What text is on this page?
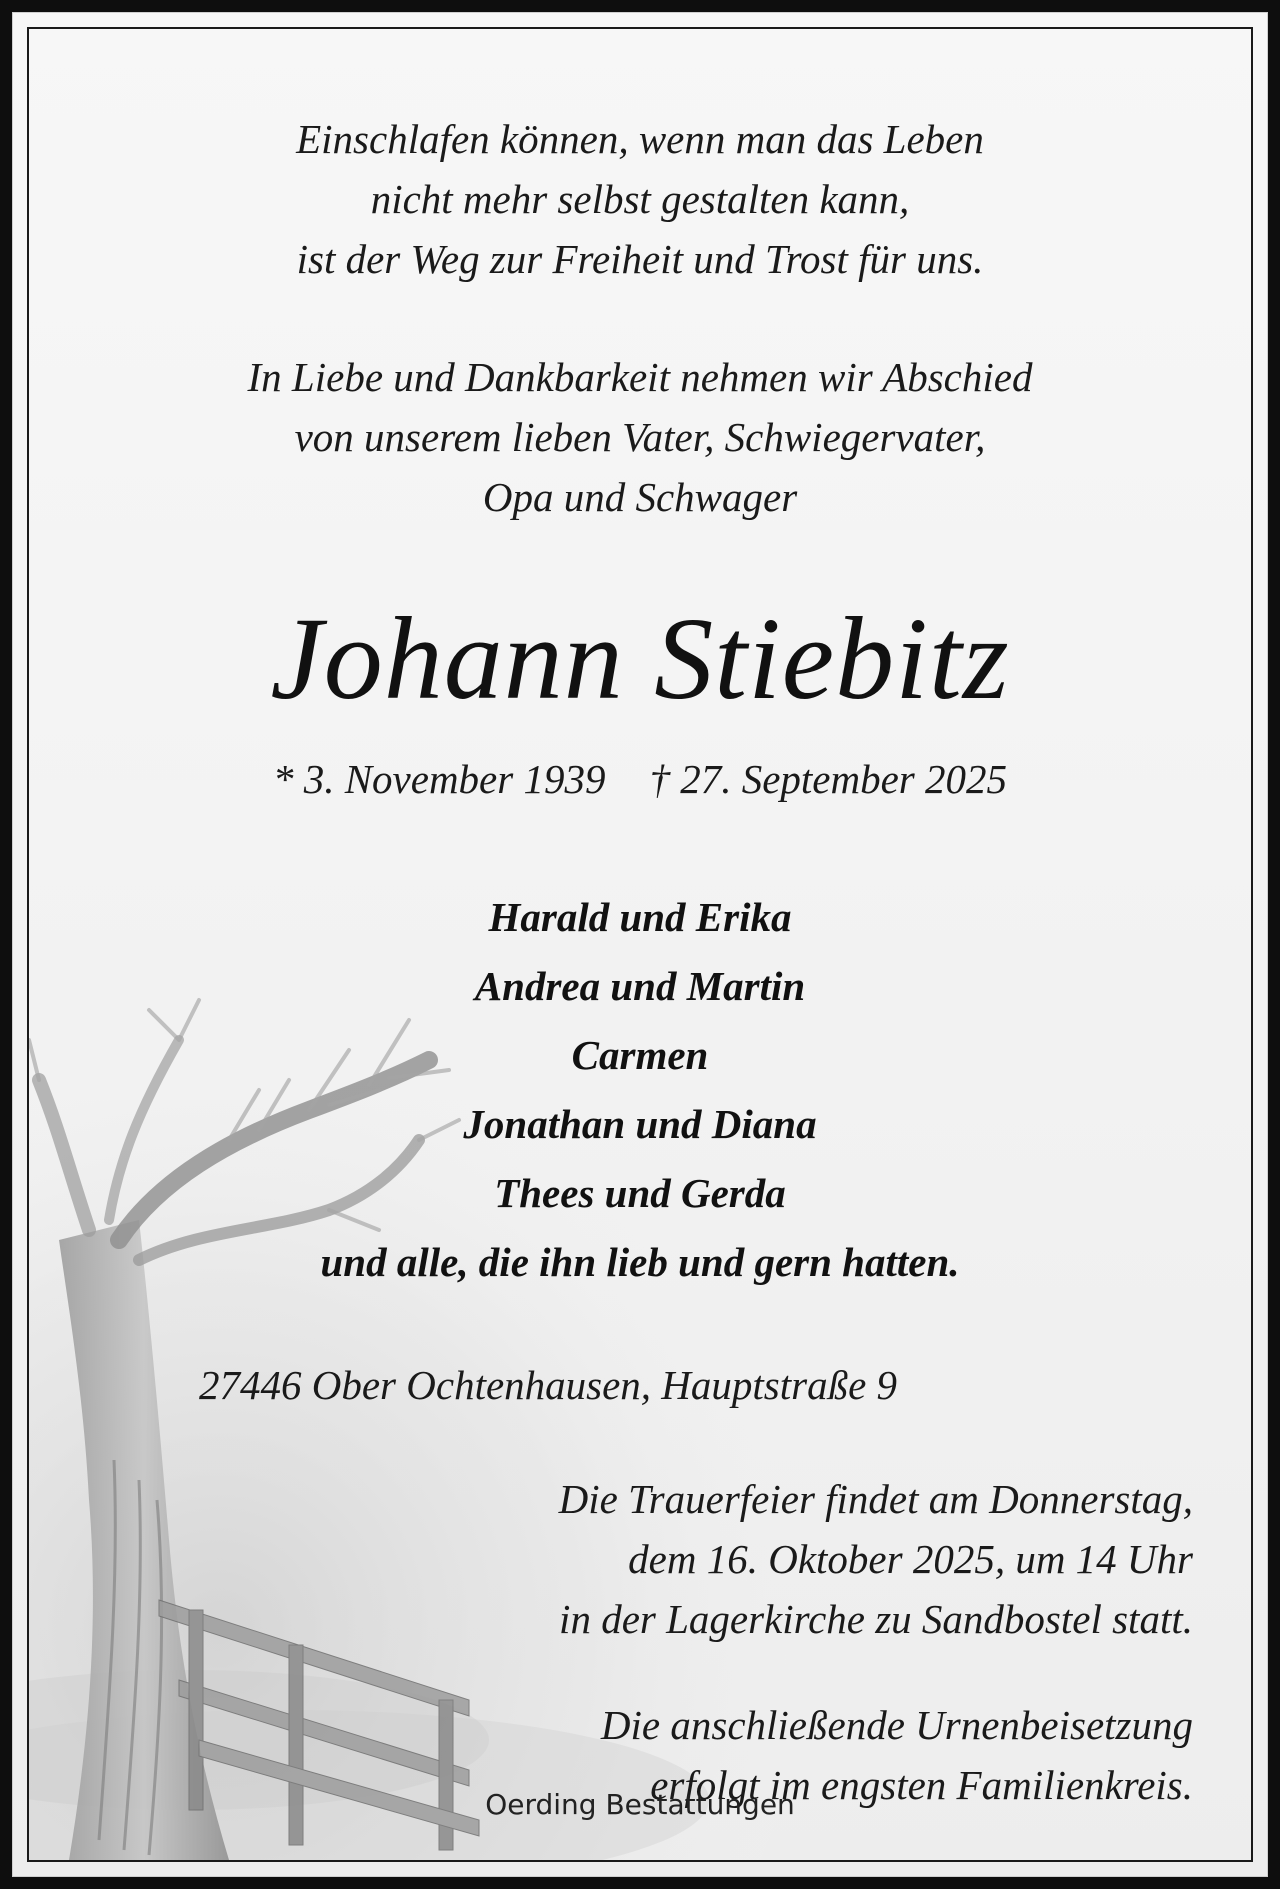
Einschlafen können, wenn man das Leben
nicht mehr selbst gestalten kann,
ist der Weg zur Freiheit und Trost für uns.
In Liebe und Dankbarkeit nehmen wir Abschied
von unserem lieben Vater, Schwiegervater,
Opa und Schwager
Johann Stiebitz
* 3. November 1939 † 27. September 2025
Harald und Erika
Andrea und Martin
Carmen
Jonathan und Diana
Thees und Gerda
und alle, die ihn lieb und gern hatten.
27446 Ober Ochtenhausen, Hauptstraße 9
Die Trauerfeier findet am Donnerstag,
dem 16. Oktober 2025, um 14 Uhr
in der Lagerkirche zu Sandbostel statt.
Die anschließende Urnenbeisetzung
erfolgt im engsten Familienkreis.
Oerding Bestattungen
